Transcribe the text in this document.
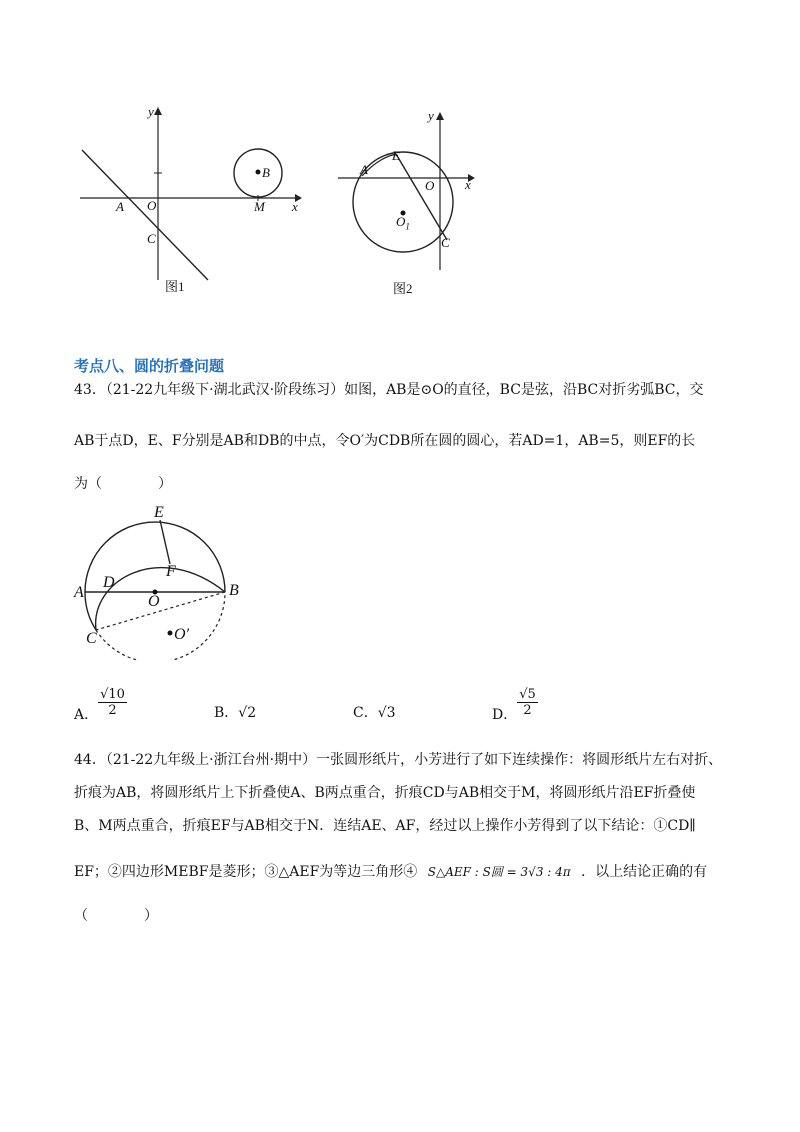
y
x
A O
C
M
B
图1
y
x
E
A
O
$O_1$
C
图2
考点八、圆的折叠问题
43．（21-22九年级下·湖北武汉·阶段练习）如图，AB是⊙O的直径，BC是弦，沿BC对折劣弧BC，交
AB于点D，E、F分别是AB和DB的中点，令O′为CDB所在圆的圆心，若AD=1，AB=5，则EF的长
为（　　　　）
E
F
A
D
O
B
C	O′
A． $\frac{√10}{2}$	B．√2	C．√3	D． $\frac{√5}{2}$
44．（21-22九年级上·浙江台州·期中）一张圆形纸片，小芳进行了如下连续操作：将圆形纸片左右对折、
折痕为AB，将圆形纸片上下折叠使A、B两点重合，折痕CD与AB相交于M，将圆形纸片沿EF折叠使
B、M两点重合，折痕EF与AB相交于N．连结AE、AF，经过以上操作小芳得到了以下结论：①CD∥
EF；②四边形MEBF是菱形；③△AEF为等边三角形④ S△AEF : S圆 = 3√3 : 4π ．以上结论正确的有
（　　　　）
